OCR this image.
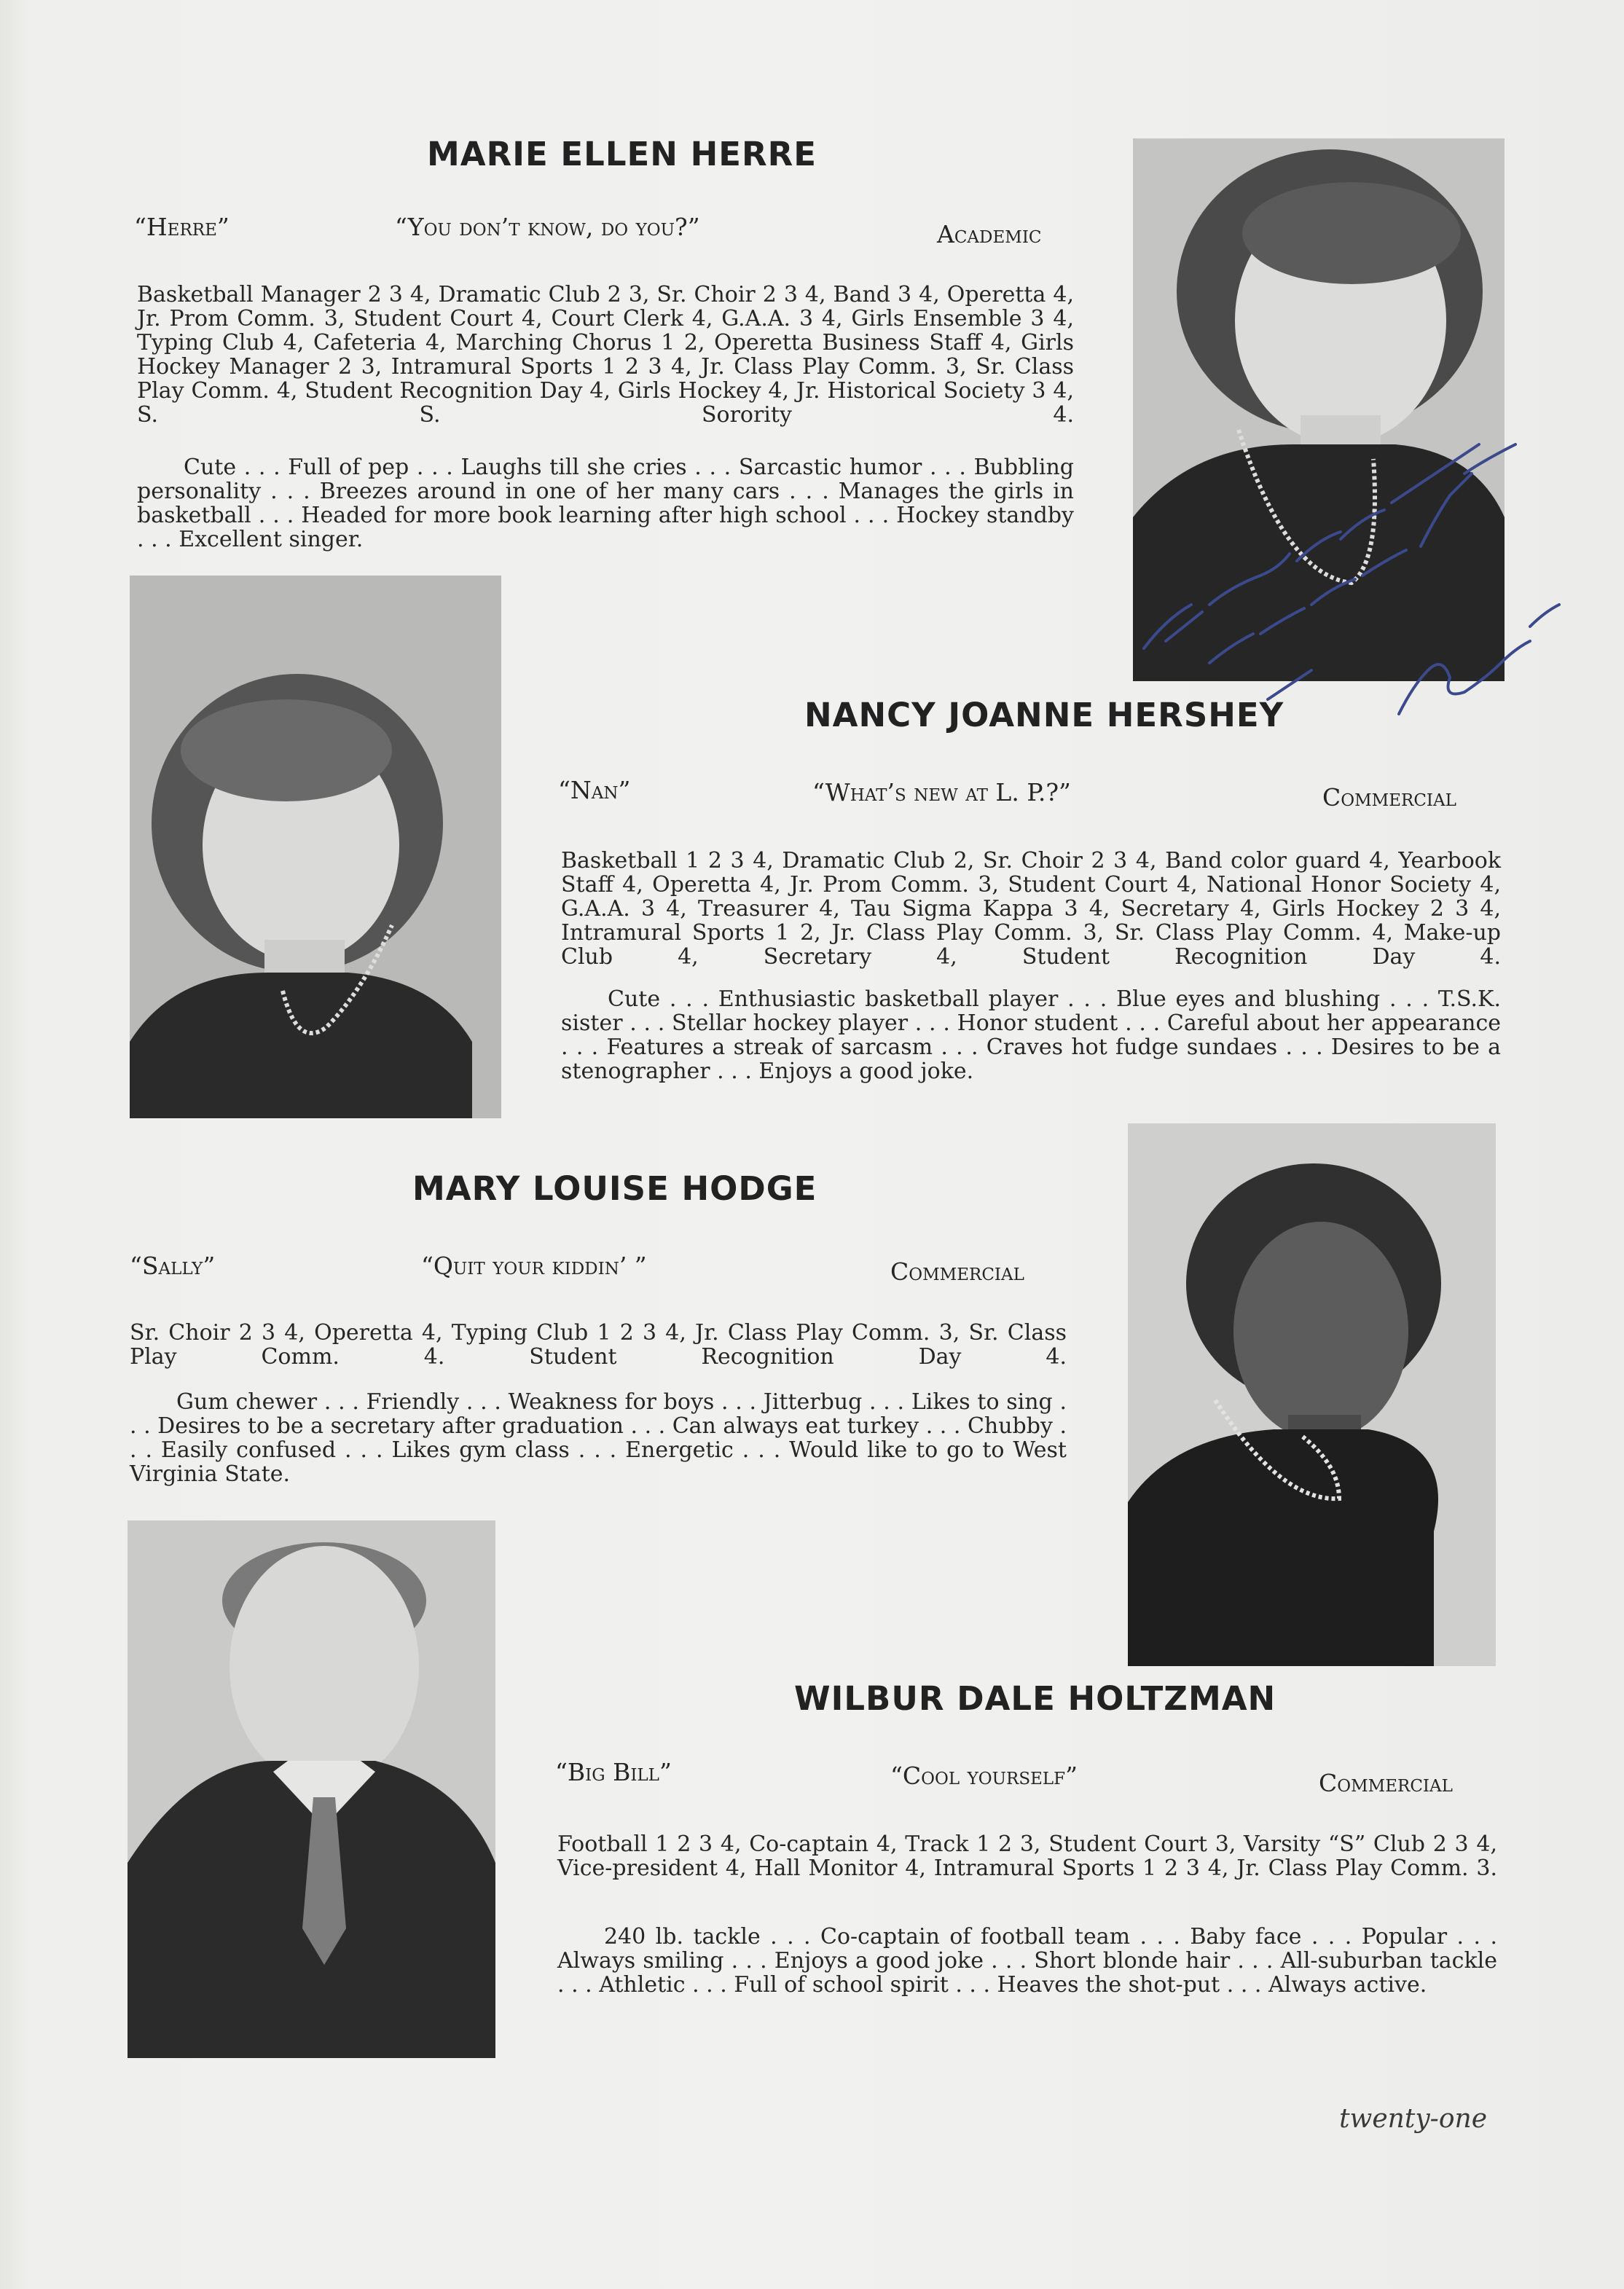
MARIE ELLEN HERRE
“Herre”	“You don’t know, do you?”	Academic

Basketball Manager 2 3 4, Dramatic Club 2 3, Sr. Choir 2 3 4, Band 3 4, Operetta 4, Jr. Prom Comm. 3, Student Court 4, Court Clerk 4, G.A.A. 3 4, Girls Ensemble 3 4, Typing Club 4, Cafeteria 4, Marching Chorus 1 2, Operetta Business Staff 4, Girls Hockey Manager 2 3, Intramural Sports 1 2 3 4, Jr. Class Play Comm. 3, Sr. Class Play Comm. 4, Student Recognition Day 4, Girls Hockey 4, Jr. Historical Society 3 4, S. S. Sorority 4.

Cute . . . Full of pep . . . Laughs till she cries . . . Sarcastic humor . . . Bubbling personality . . . Breezes around in one of her many cars . . . Manages the girls in basketball . . . Headed for more book learning after high school . . . Hockey standby . . . Excellent singer.

NANCY JOANNE HERSHEY
“Nan”	“What’s new at L. P.?”	Commercial

Basketball 1 2 3 4, Dramatic Club 2, Sr. Choir 2 3 4, Band color guard 4, Yearbook Staff 4, Operetta 4, Jr. Prom Comm. 3, Student Court 4, National Honor Society 4, G.A.A. 3 4, Treasurer 4, Tau Sigma Kappa 3 4, Secretary 4, Girls Hockey 2 3 4, Intramural Sports 1 2, Jr. Class Play Comm. 3, Sr. Class Play Comm. 4, Make-up Club 4, Secretary 4, Student Recognition Day 4.

Cute . . . Enthusiastic basketball player . . . Blue eyes and blushing . . . T.S.K. sister . . . Stellar hockey player . . . Honor student . . . Careful about her appearance . . . Features a streak of sarcasm . . . Craves hot fudge sundaes . . . Desires to be a stenographer . . . Enjoys a good joke.

MARY LOUISE HODGE
“Sally”	“Quit your kiddin’ ”	Commercial

Sr. Choir 2 3 4, Operetta 4, Typing Club 1 2 3 4, Jr. Class Play Comm. 3, Sr. Class Play Comm. 4. Student Recognition Day 4.

Gum chewer . . . Friendly . . . Weakness for boys . . . Jitterbug . . . Likes to sing . . . Desires to be a secretary after graduation . . . Can always eat turkey . . . Chubby . . . Easily confused . . . Likes gym class . . . Energetic . . . Would like to go to West Virginia State.

WILBUR DALE HOLTZMAN
“Big Bill”	“Cool yourself”	Commercial

Football 1 2 3 4, Co-captain 4, Track 1 2 3, Student Court 3, Varsity “S” Club 2 3 4, Vice-president 4, Hall Monitor 4, Intramural Sports 1 2 3 4, Jr. Class Play Comm. 3.

240 lb. tackle . . . Co-captain of football team . . . Baby face . . . Popular . . . Always smiling . . . Enjoys a good joke . . . Short blonde hair . . . All-suburban tackle . . . Athletic . . . Full of school spirit . . . Heaves the shot-put . . . Always active.

twenty-one
